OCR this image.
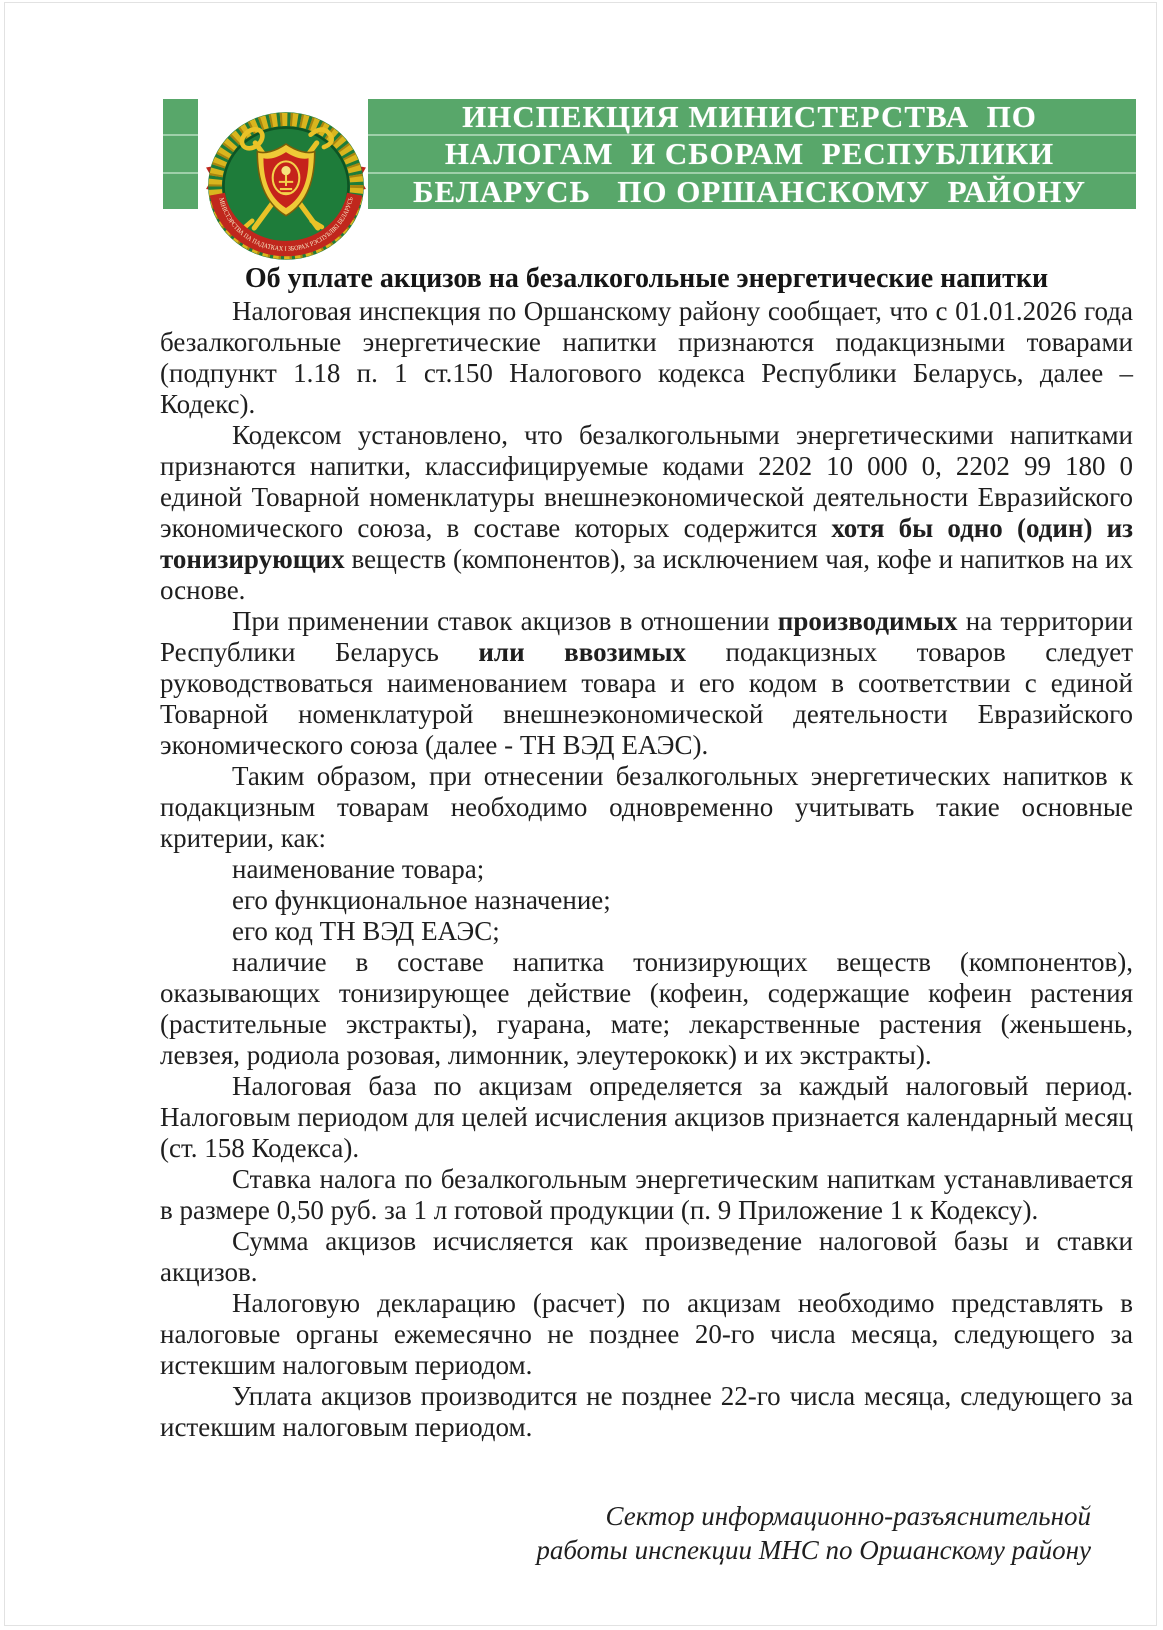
ИНСПЕКЦИЯ МИНИСТЕРСТВА  ПО
НАЛОГАМ  И СБОРАМ  РЕСПУБЛИКИ
БЕЛАРУСЬ   ПО ОРШАНСКОМУ  РАЙОНУ
МІНІСТЭРСТВА ПА ПАДАТКАХ І ЗБОРАХ РЭСПУБЛІКІ БЕЛАРУСЬ
Об уплате акцизов на безалкогольные энергетические напитки

Налоговая инспекция по Оршанскому району сообщает, что с 01.01.2026 года безалкогольные энергетические напитки признаются подакцизными товарами (подпункт 1.18 п. 1 ст.150 Налогового кодекса Республики Беларусь, далее – Кодекс).

Кодексом установлено, что безалкогольными энергетическими напитками признаются напитки, классифицируемые кодами 2202 10 000 0, 2202 99 180 0 единой Товарной номенклатуры внешнеэкономической деятельности Евразийского экономического союза, в составе которых содержится хотя бы одно (один) из тонизирующих веществ (компонентов), за исключением чая, кофе и напитков на их основе.

При применении ставок акцизов в отношении производимых на территории Республики Беларусь или ввозимых подакцизных товаров следует руководствоваться наименованием товара и его кодом в соответствии с единой Товарной номенклатурой внешнеэкономической деятельности Евразийского экономического союза (далее - ТН ВЭД ЕАЭС).

Таким образом, при отнесении безалкогольных энергетических напитков к подакцизным товарам необходимо одновременно учитывать такие основные критерии, как:

наименование товара;

его функциональное назначение;

его код ТН ВЭД ЕАЭС;

наличие в составе напитка тонизирующих веществ (компонентов), оказывающих тонизирующее действие (кофеин, содержащие кофеин растения (растительные экстракты), гуарана, мате; лекарственные растения (женьшень, левзея, родиола розовая, лимонник, элеутерококк) и их экстракты).

Налоговая база по акцизам определяется за каждый налоговый период. Налоговым периодом для целей исчисления акцизов признается календарный месяц (ст. 158 Кодекса).

Ставка налога по безалкогольным энергетическим напиткам устанавливается в размере 0,50 руб. за 1 л готовой продукции (п. 9 Приложение 1 к Кодексу).

Сумма акцизов исчисляется как произведение налоговой базы и ставки акцизов.

Налоговую декларацию (расчет) по акцизам необходимо представлять в налоговые органы ежемесячно не позднее 20-го числа месяца, следующего за истекшим налоговым периодом.

Уплата акцизов производится не позднее 22-го числа месяца, следующего за истекшим налоговым периодом.

Сектор информационно-разъяснительной
работы инспекции МНС по Оршанскому району
